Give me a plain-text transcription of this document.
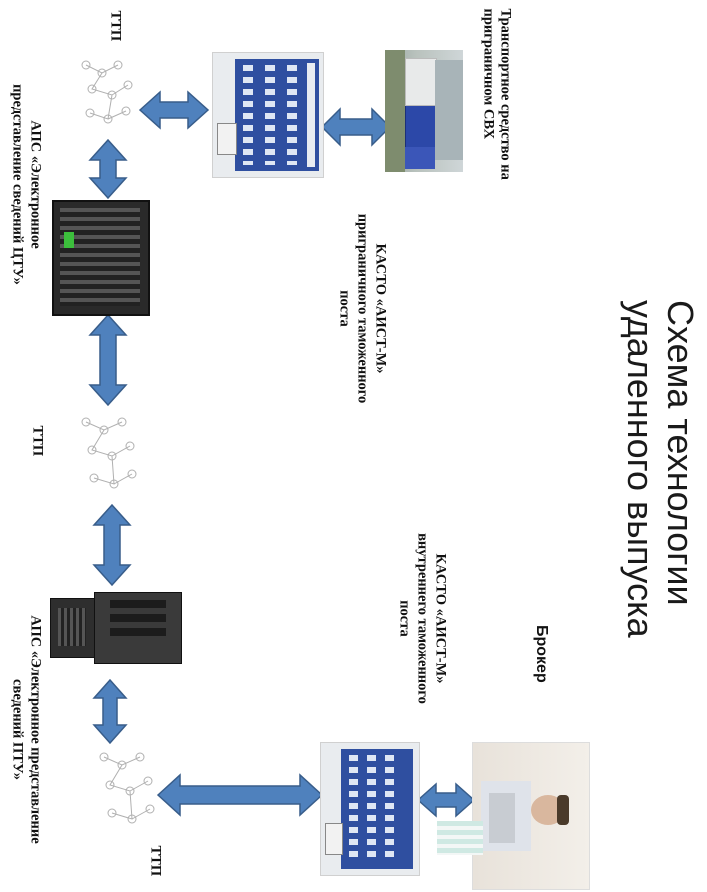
Схема технологии
удаленного выпуска
Транспортное средство на
приграничном СВХ
КАСТО «АИСТ-М»
приграничного таможенного
поста
КАСТО «АИСТ-М»
внутреннего таможенного
поста
Брокер
ТТП
ТТП
ТТП
АПС «Электронное
представление сведений ЦТУ»
АПС «Электронное представление
сведений ПТУ»
